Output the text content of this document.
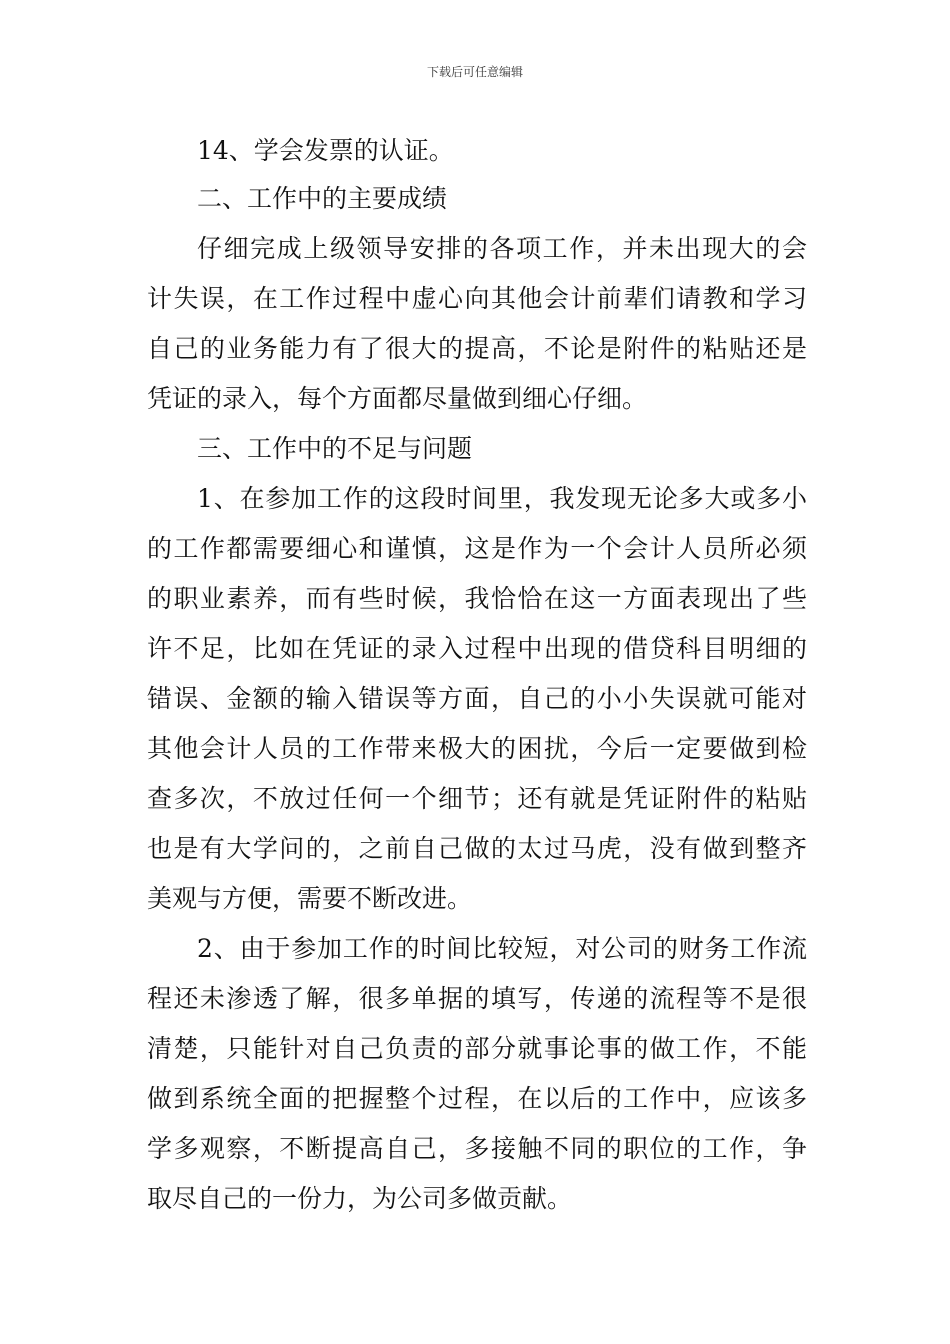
下载后可任意编辑
14、学会发票的认证。
二、工作中的主要成绩
仔细完成上级领导安排的各项工作，并未出现大的会
计失误，在工作过程中虚心向其他会计前辈们请教和学习
自己的业务能力有了很大的提高，不论是附件的粘贴还是
凭证的录入，每个方面都尽量做到细心仔细。
三、工作中的不足与问题
1、在参加工作的这段时间里，我发现无论多大或多小
的工作都需要细心和谨慎，这是作为一个会计人员所必须
的职业素养，而有些时候，我恰恰在这一方面表现出了些
许不足，比如在凭证的录入过程中出现的借贷科目明细的
错误、金额的输入错误等方面，自己的小小失误就可能对
其他会计人员的工作带来极大的困扰，今后一定要做到检
查多次，不放过任何一个细节；还有就是凭证附件的粘贴
也是有大学问的，之前自己做的太过马虎，没有做到整齐
美观与方便，需要不断改进。
2、由于参加工作的时间比较短，对公司的财务工作流
程还未渗透了解，很多单据的填写，传递的流程等不是很
清楚，只能针对自己负责的部分就事论事的做工作，不能
做到系统全面的把握整个过程，在以后的工作中，应该多
学多观察，不断提高自己，多接触不同的职位的工作，争
取尽自己的一份力，为公司多做贡献。
